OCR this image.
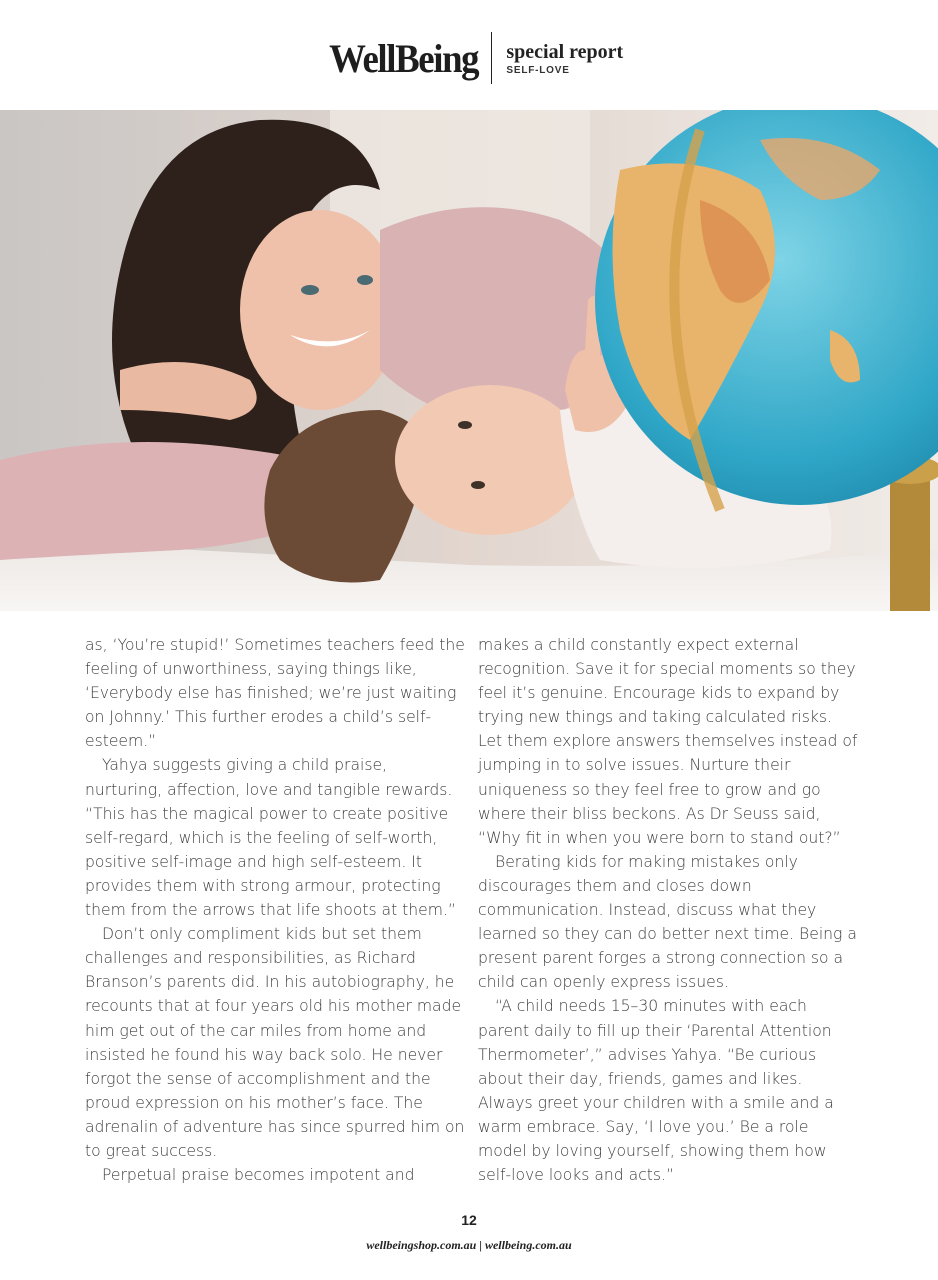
WellBeing	special report
SELF-LOVE

as, ‘You’re stupid!’ Sometimes teachers feed the feeling of unworthiness, saying things like, ‘Everybody else has finished; we’re just waiting on Johnny.’ This further erodes a child’s self-esteem.”

Yahya suggests giving a child praise, nurturing, affection, love and tangible rewards. “This has the magical power to create positive self-regard, which is the feeling of self-worth, positive self-image and high self-esteem. It provides them with strong armour, protecting them from the arrows that life shoots at them.”

Don’t only compliment kids but set them challenges and responsibilities, as Richard Branson’s parents did. In his autobiography, he recounts that at four years old his mother made him get out of the car miles from home and insisted he found his way back solo. He never forgot the sense of accomplishment and the proud expression on his mother’s face. The adrenalin of adventure has since spurred him on to great success.

Perpetual praise becomes impotent and

makes a child constantly expect external recognition. Save it for special moments so they feel it’s genuine. Encourage kids to expand by trying new things and taking calculated risks. Let them explore answers themselves instead of jumping in to solve issues. Nurture their uniqueness so they feel free to grow and go where their bliss beckons. As Dr Seuss said, “Why fit in when you were born to stand out?”

Berating kids for making mistakes only discourages them and closes down communication. Instead, discuss what they learned so they can do better next time. Being a present parent forges a strong connection so a child can openly express issues.

“A child needs 15–30 minutes with each parent daily to fill up their ‘Parental Attention Thermometer’,” advises Yahya. “Be curious about their day, friends, games and likes. Always greet your children with a smile and a warm embrace. Say, ‘I love you.’ Be a role model by loving yourself, showing them how self-love looks and acts.”

12
wellbeingshop.com.au | wellbeing.com.au
